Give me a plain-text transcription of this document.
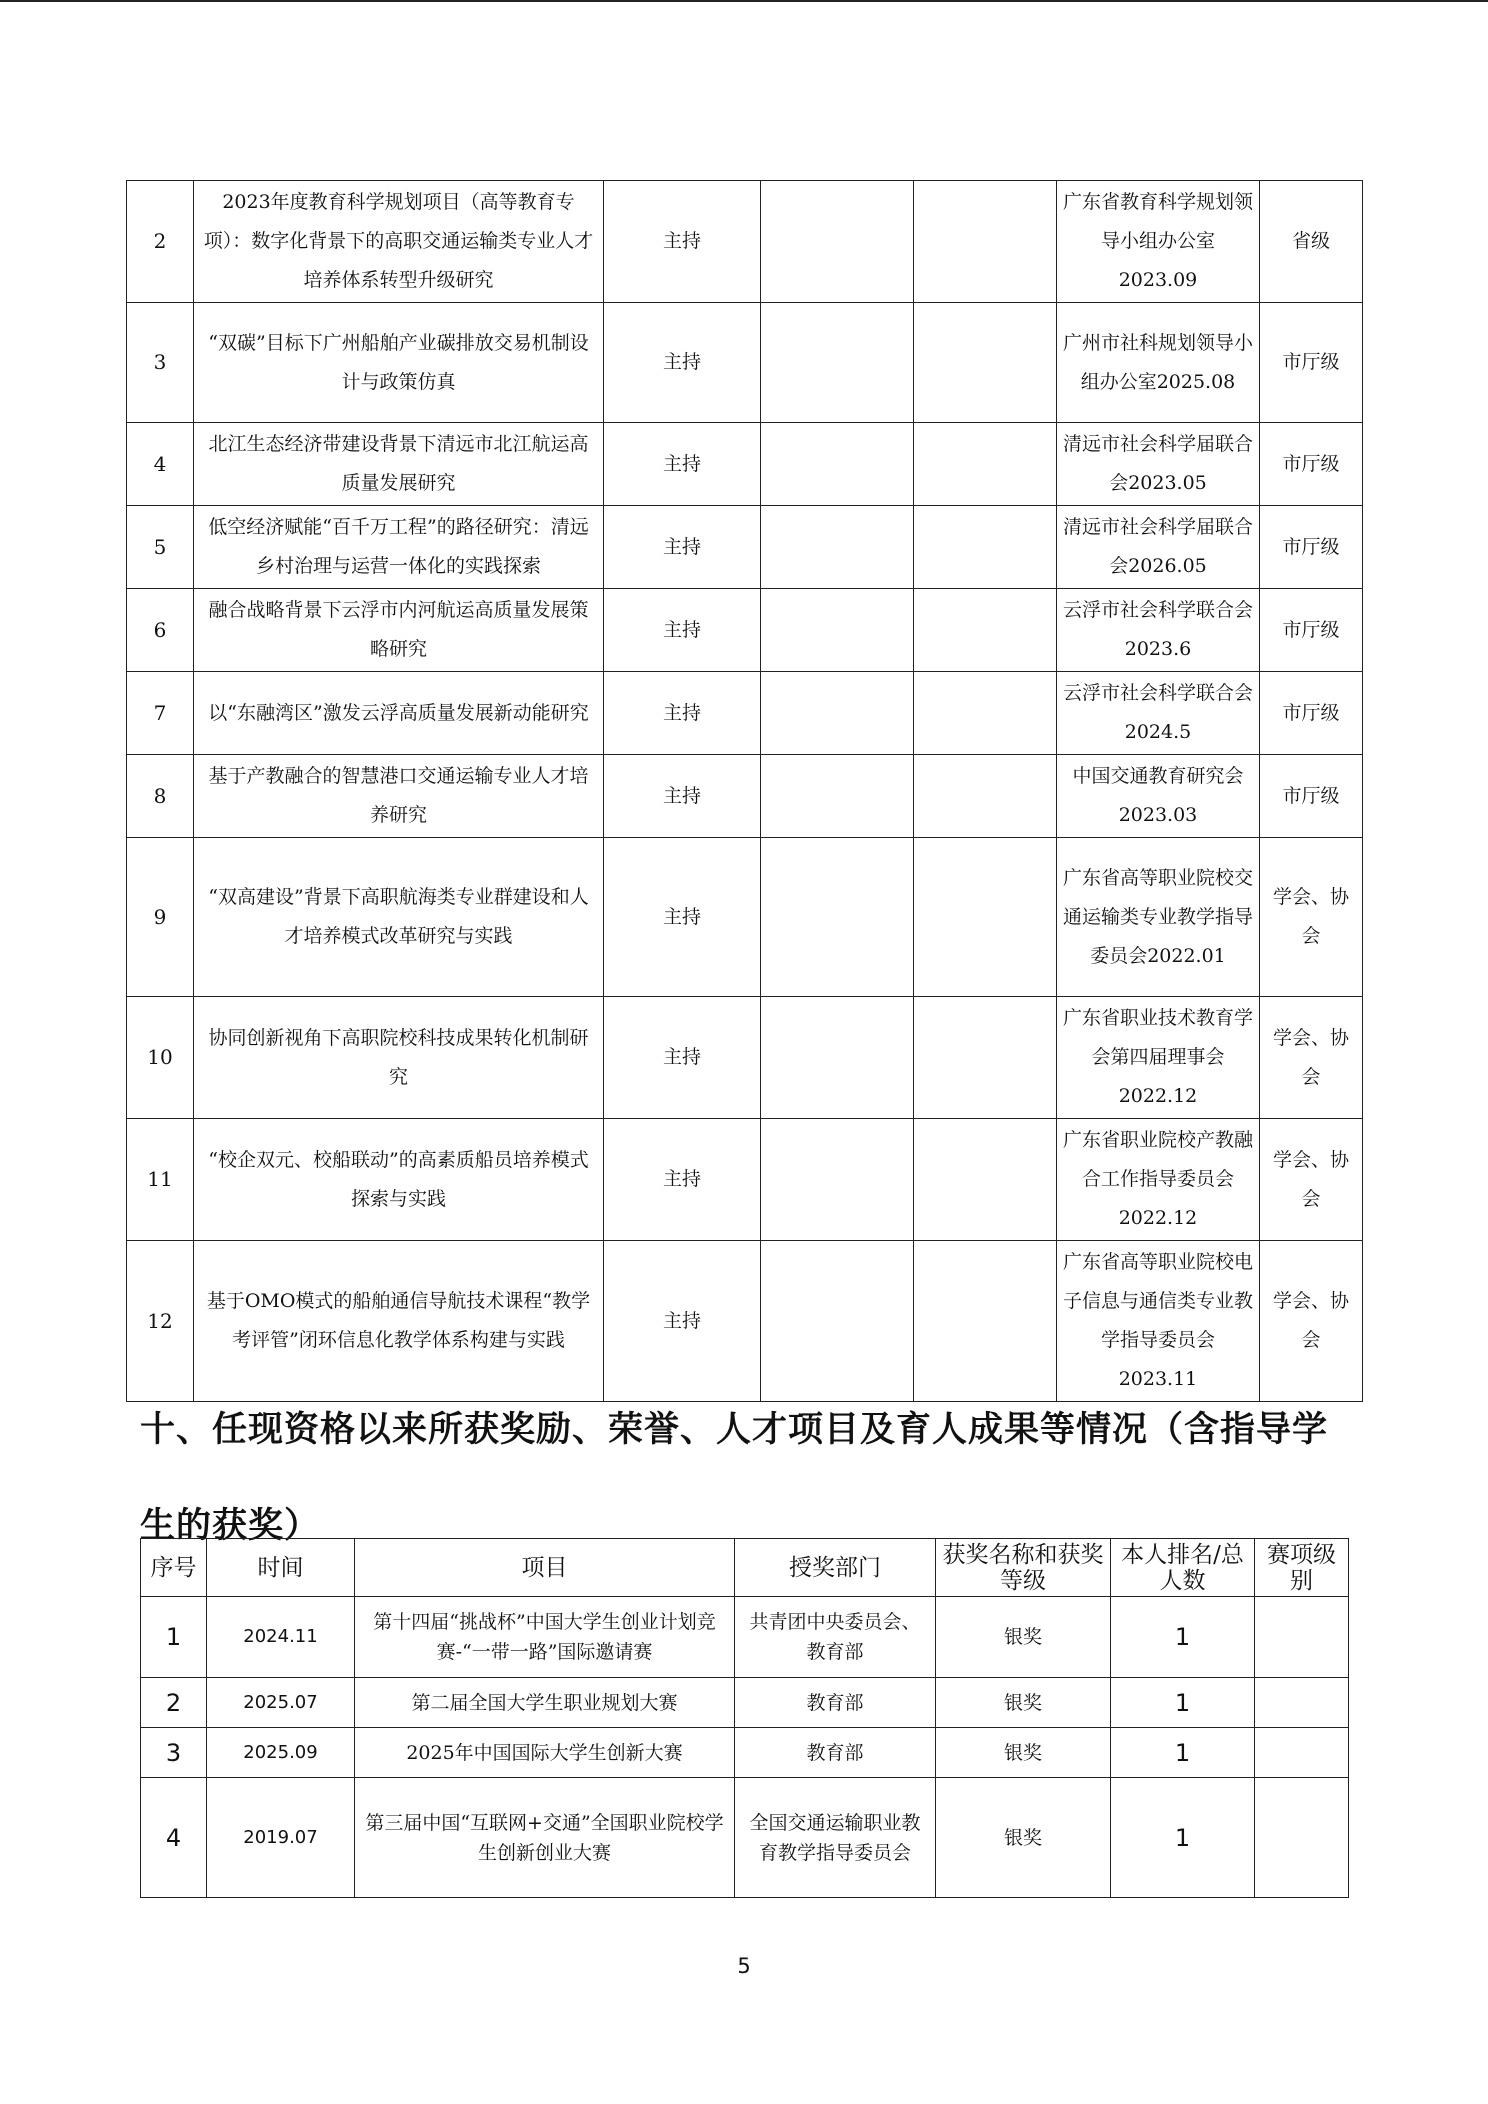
2	2023年度教育科学规划项目（高等教育专项）：数字化背景下的高职交通运输类专业人才培养体系转型升级研究	主持			广东省教育科学规划领导小组办公室2023.09	省级
3	“双碳”目标下广州船舶产业碳排放交易机制设计与政策仿真	主持			广州市社科规划领导小组办公室2025.08	市厅级
4	北江生态经济带建设背景下清远市北江航运高质量发展研究	主持			清远市社会科学届联合会2023.05	市厅级
5	低空经济赋能“百千万工程”的路径研究：清远乡村治理与运营一体化的实践探索	主持			清远市社会科学届联合会2026.05	市厅级
6	融合战略背景下云浮市内河航运高质量发展策略研究	主持			云浮市社会科学联合会2023.6	市厅级
7	以“东融湾区”激发云浮高质量发展新动能研究	主持			云浮市社会科学联合会2024.5	市厅级
8	基于产教融合的智慧港口交通运输专业人才培养研究	主持			中国交通教育研究会2023.03	市厅级
9	“双高建设”背景下高职航海类专业群建设和人才培养模式改革研究与实践	主持			广东省高等职业院校交通运输类专业教学指导委员会2022.01	学会、协会
10	协同创新视角下高职院校科技成果转化机制研究	主持			广东省职业技术教育学会第四届理事会2022.12	学会、协会
11	“校企双元、校船联动”的高素质船员培养模式探索与实践	主持			广东省职业院校产教融合工作指导委员会2022.12	学会、协会
12	基于OMO模式的船舶通信导航技术课程“教学考评管”闭环信息化教学体系构建与实践	主持			广东省高等职业院校电子信息与通信类专业教学指导委员会 2023.11	学会、协会
十、任现资格以来所获奖励、荣誉、人才项目及育人成果等情况（含指导学生的获奖）
序号	时间	项目	授奖部门	获奖名称和获奖等级	本人排名/总人数	赛项级别
1	2024.11	第十四届“挑战杯”中国大学生创业计划竞赛-“一带一路”国际邀请赛	共青团中央委员会、教育部	银奖	1	
2	2025.07	第二届全国大学生职业规划大赛	教育部	银奖	1	
3	2025.09	2025年中国国际大学生创新大赛	教育部	银奖	1	
4	2019.07	第三届中国“互联网+交通”全国职业院校学生创新创业大赛	全国交通运输职业教育教学指导委员会	银奖	1	
5
